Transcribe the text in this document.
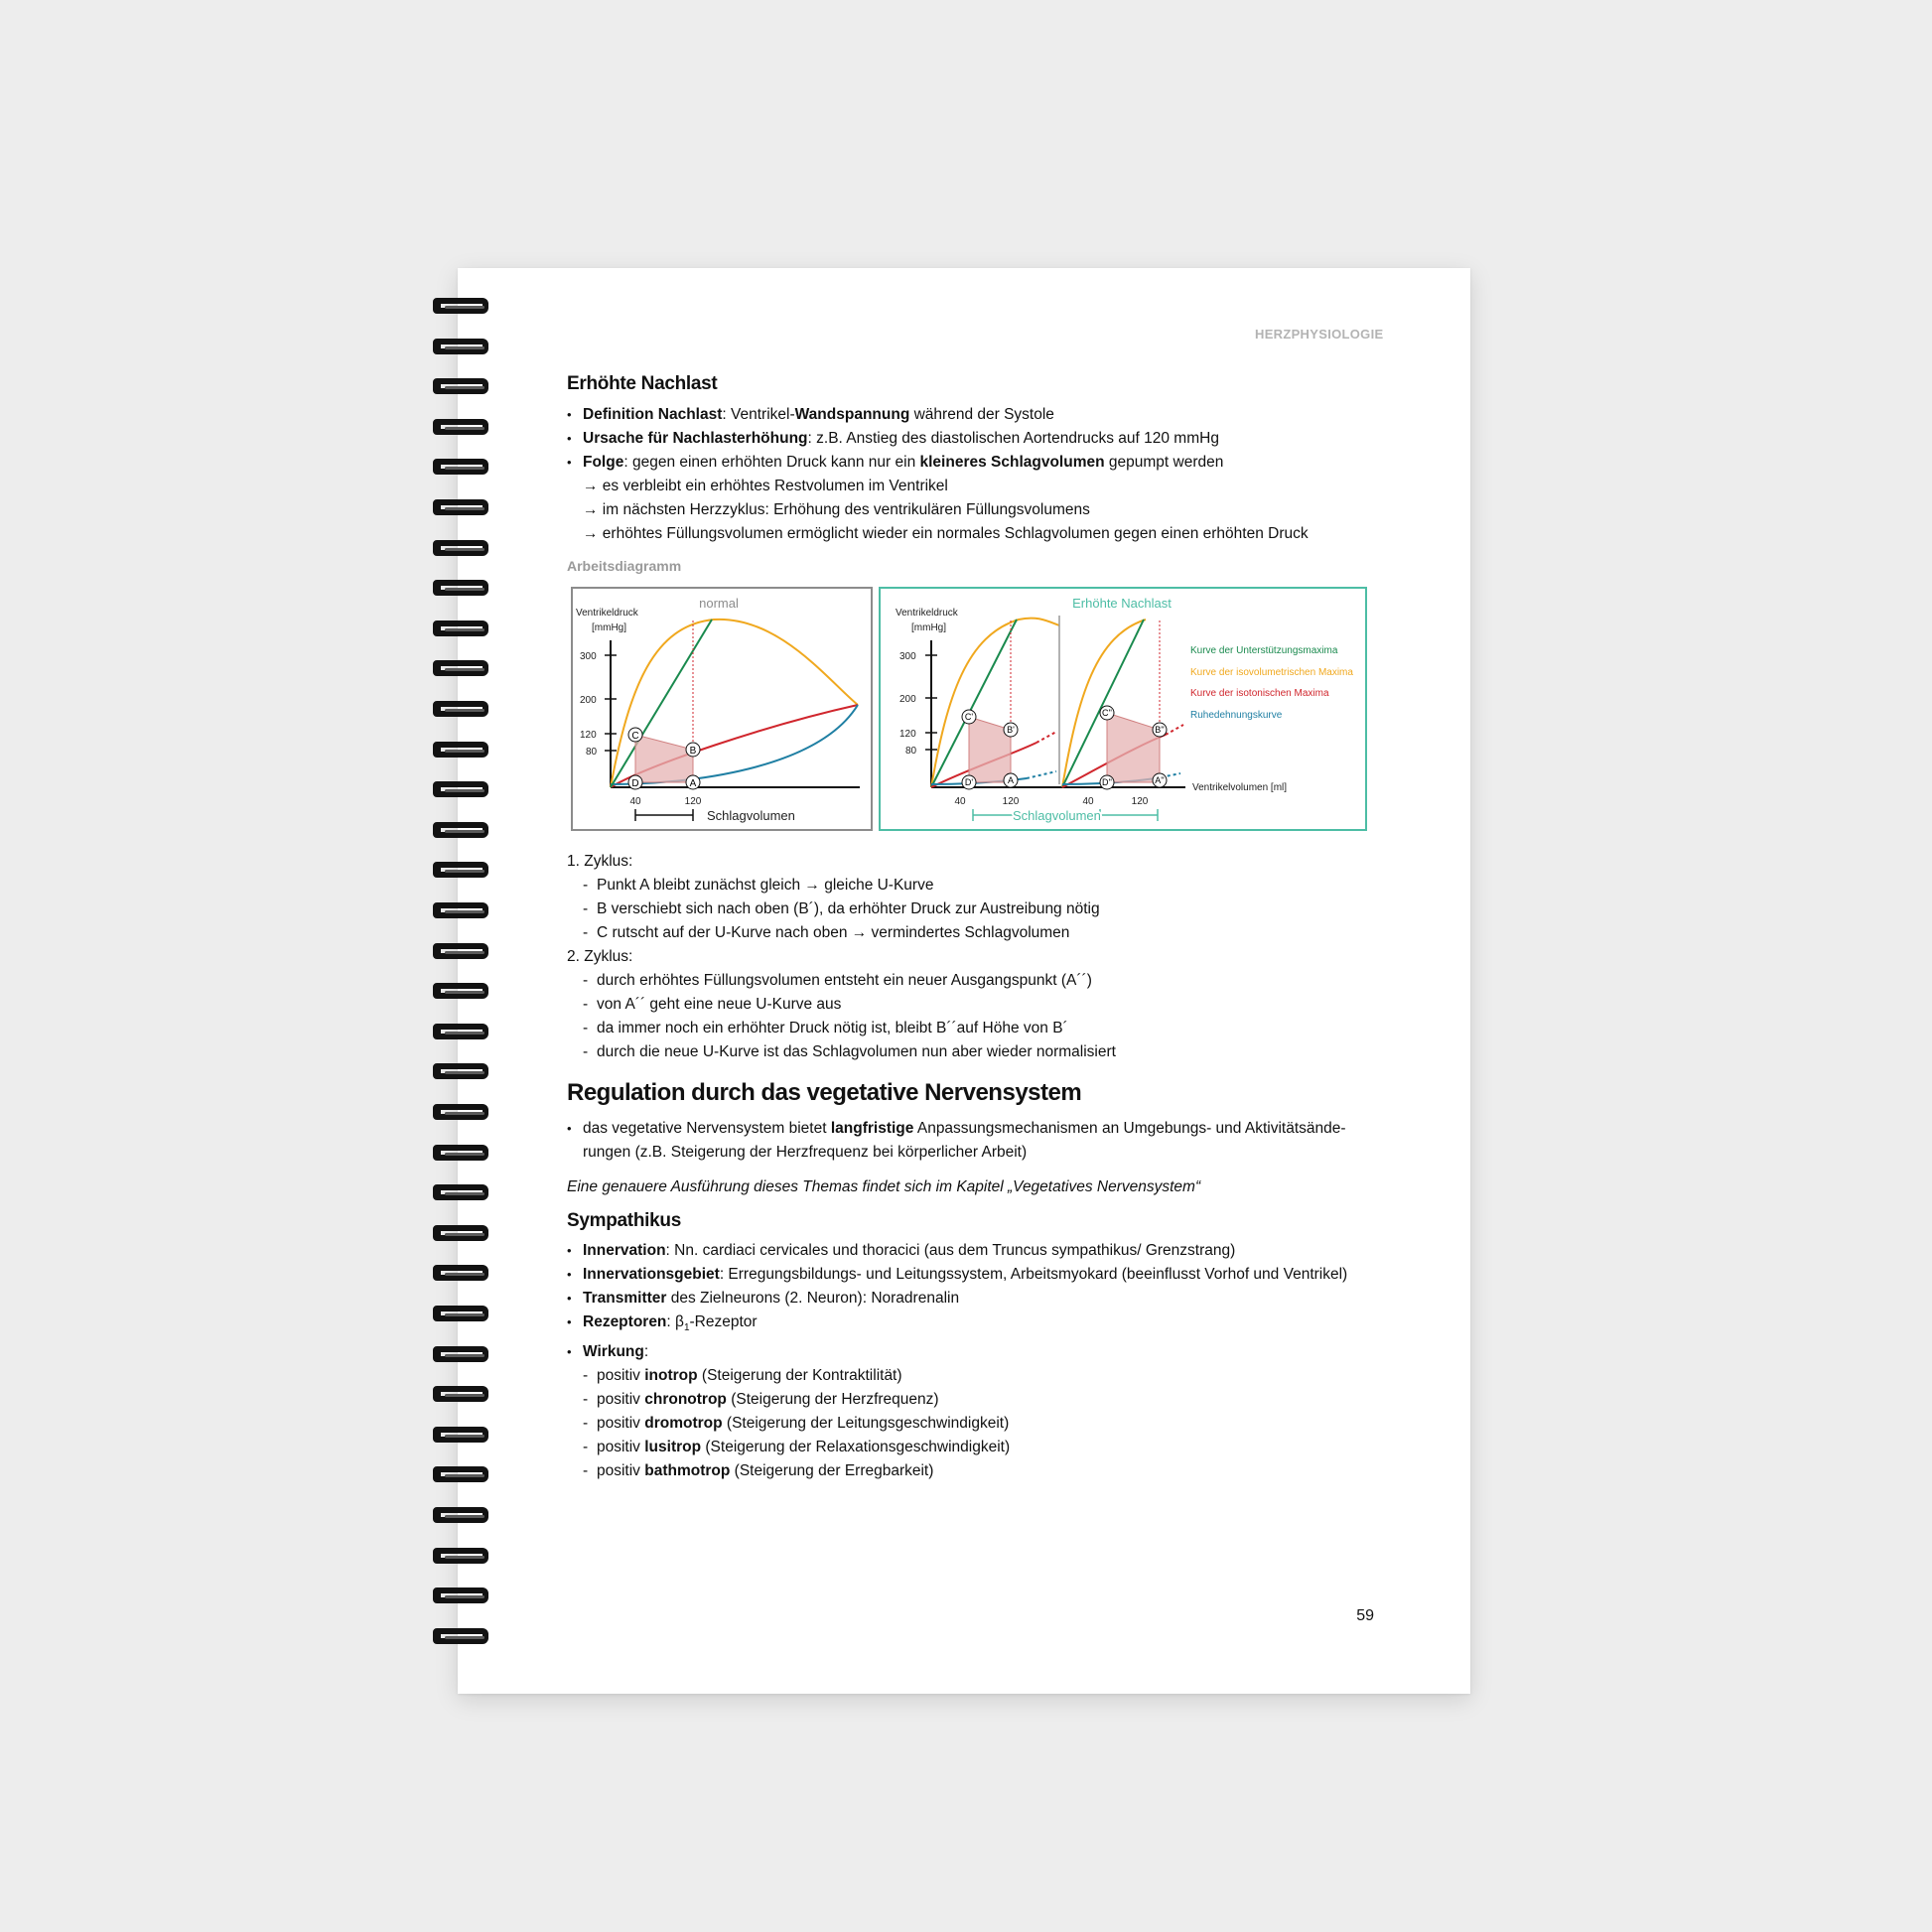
HERZPHYSIOLOGIE
Erhöhte Nachlast
• Definition Nachlast: Ventrikel-Wandspannung während der Systole
• Ursache für Nachlasterhöhung: z.B. Anstieg des diastolischen Aortendrucks auf 120 mmHg
• Folge: gegen einen erhöhten Druck kann nur ein kleineres Schlagvolumen gepumpt werden
→ es verbleibt ein erhöhtes Restvolumen im Ventrikel
→ im nächsten Herzzyklus: Erhöhung des ventrikulären Füllungsvolumens
→ erhöhtes Füllungsvolumen ermöglicht wieder ein normales Schlagvolumen gegen einen erhöhten Druck
Arbeitsdiagramm
normal
Ventrikeldruck
[mmHg]
300
200
120
80
40	120
C
B
D	A
Schlagvolumen
Erhöhte Nachlast
Ventrikeldruck
[mmHg]
300
200
120
80
40	120	40	120
C'
B'
D'	A
C''
B''
D''	A''
Schlagvolumen
Ventrikelvolumen [ml]
Kurve der Unterstützungsmaxima
Kurve der isovolumetrischen Maxima
Kurve der isotonischen Maxima
Ruhedehnungskurve
1. Zyklus:
- Punkt A bleibt zunächst gleich → gleiche U-Kurve
- B verschiebt sich nach oben (B´), da erhöhter Druck zur Austreibung nötig
- C rutscht auf der U-Kurve nach oben → vermindertes Schlagvolumen
2. Zyklus:
- durch erhöhtes Füllungsvolumen entsteht ein neuer Ausgangspunkt (A´´)
- von A´´ geht eine neue U-Kurve aus
- da immer noch ein erhöhter Druck nötig ist, bleibt B´´auf Höhe von B´
- durch die neue U-Kurve ist das Schlagvolumen nun aber wieder normalisiert
Regulation durch das vegetative Nervensystem
• das vegetative Nervensystem bietet langfristige Anpassungsmechanismen an Umgebungs- und Aktivitätsände-
rungen (z.B. Steigerung der Herzfrequenz bei körperlicher Arbeit)
Eine genauere Ausführung dieses Themas findet sich im Kapitel „Vegetatives Nervensystem“
Sympathikus
• Innervation: Nn. cardiaci cervicales und thoracici (aus dem Truncus sympathikus/ Grenzstrang)
• Innervationsgebiet: Erregungsbildungs- und Leitungssystem, Arbeitsmyokard (beeinflusst Vorhof und Ventrikel)
• Transmitter des Zielneurons (2. Neuron): Noradrenalin
• Rezeptoren: $\beta_1$-Rezeptor
• Wirkung:
- positiv inotrop (Steigerung der Kontraktilität)
- positiv chronotrop (Steigerung der Herzfrequenz)
- positiv dromotrop (Steigerung der Leitungsgeschwindigkeit)
- positiv lusitrop (Steigerung der Relaxationsgeschwindigkeit)
- positiv bathmotrop (Steigerung der Erregbarkeit)
59
